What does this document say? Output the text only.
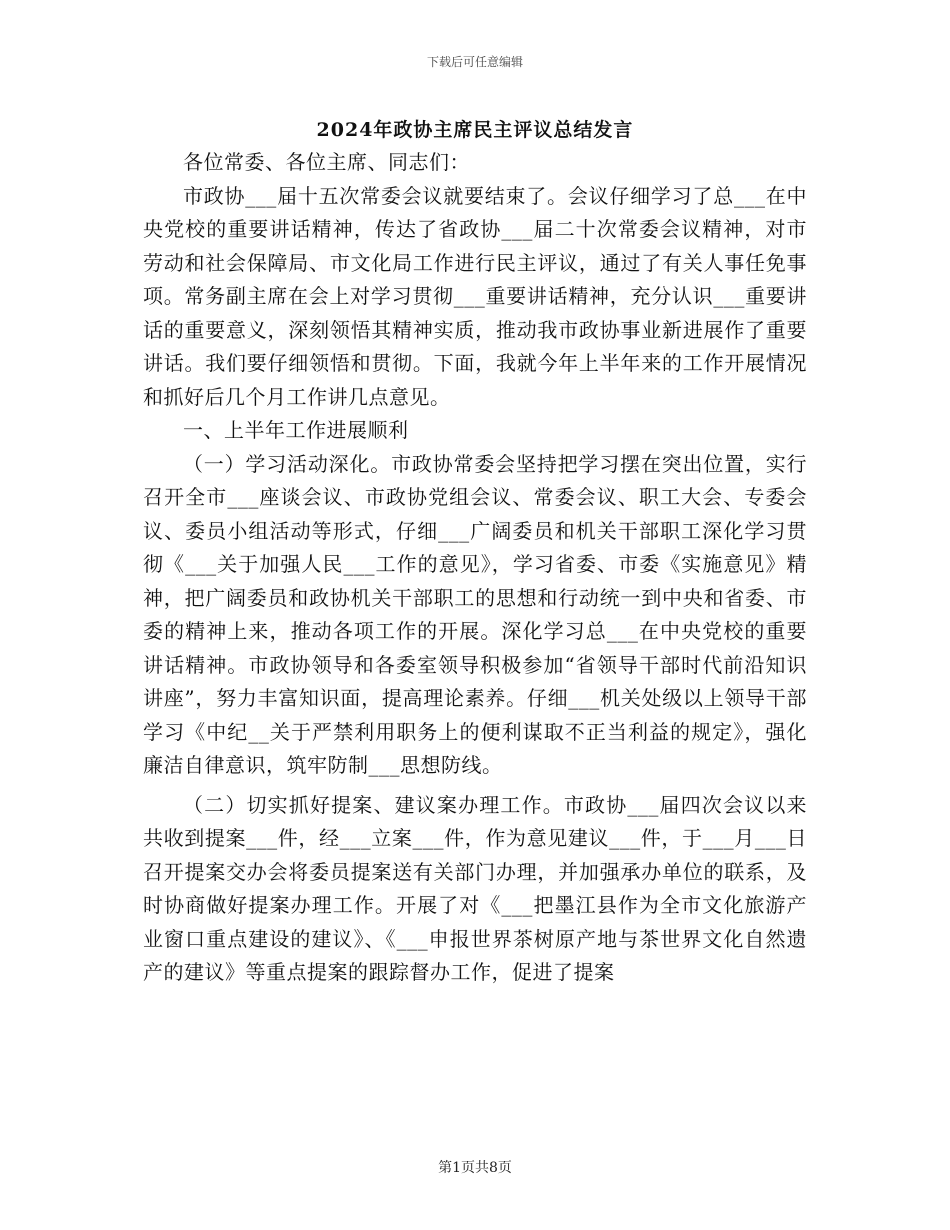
下载后可任意编辑
2024年政协主席民主评议总结发言

各位常委、各位主席、同志们：

市政协___届十五次常委会议就要结束了。会议仔细学习了总___在中央党校的重要讲话精神，传达了省政协___届二十次常委会议精神，对市劳动和社会保障局、市文化局工作进行民主评议，通过了有关人事任免事项。常务副主席在会上对学习贯彻___重要讲话精神，充分认识___重要讲话的重要意义，深刻领悟其精神实质，推动我市政协事业新进展作了重要讲话。我们要仔细领悟和贯彻。下面，我就今年上半年来的工作开展情况和抓好后几个月工作讲几点意见。

一、上半年工作进展顺利

（一）学习活动深化。市政协常委会坚持把学习摆在突出位置，实行召开全市___座谈会议、市政协党组会议、常委会议、职工大会、专委会议、委员小组活动等形式，仔细___广阔委员和机关干部职工深化学习贯彻《___关于加强人民___工作的意见》，学习省委、市委《实施意见》精神，把广阔委员和政协机关干部职工的思想和行动统一到中央和省委、市委的精神上来，推动各项工作的开展。深化学习总___在中央党校的重要讲话精神。市政协领导和各委室领导积极参加“省领导干部时代前沿知识讲座”，努力丰富知识面，提高理论素养。仔细___机关处级以上领导干部学习《中纪__关于严禁利用职务上的便利谋取不正当利益的规定》，强化廉洁自律意识，筑牢防制___思想防线。

（二）切实抓好提案、建议案办理工作。市政协___届四次会议以来共收到提案___件，经___立案___件，作为意见建议___件，于___月___日召开提案交办会将委员提案送有关部门办理，并加强承办单位的联系，及时协商做好提案办理工作。开展了对《___把墨江县作为全市文化旅游产业窗口重点建设的建议》、《___申报世界茶树原产地与茶世界文化自然遗产的建议》等重点提案的跟踪督办工作，促进了提案

第1页共8页
